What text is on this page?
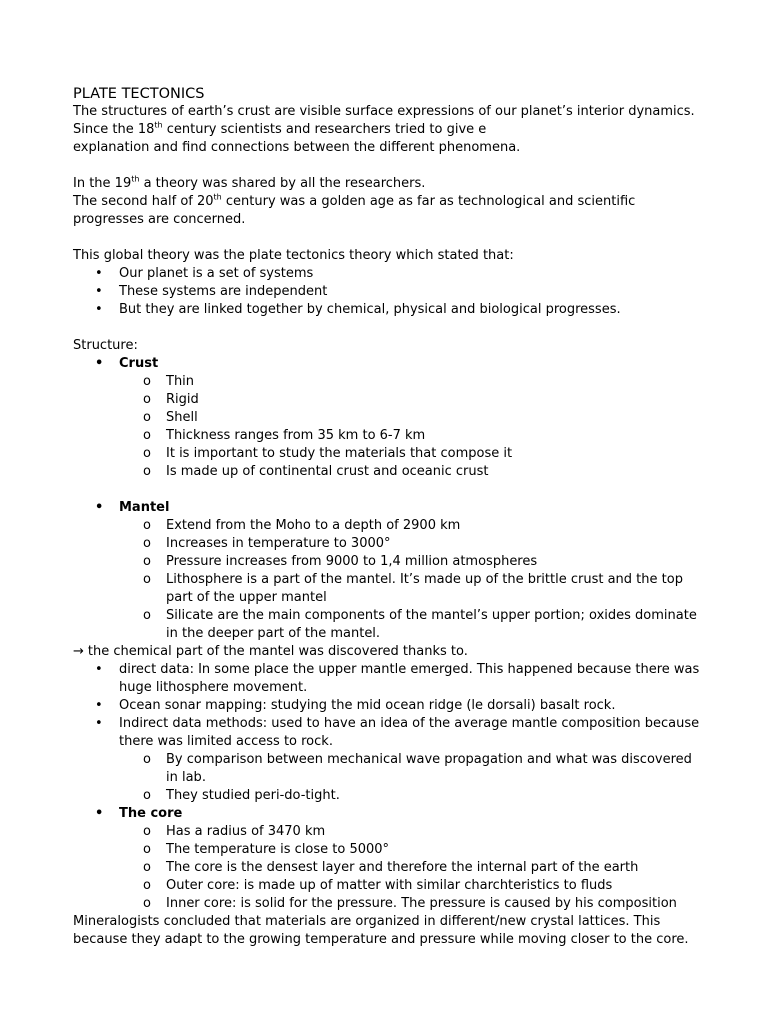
PLATE TECTONICS

The structures of earth’s crust are visible surface expressions of our planet’s interior dynamics.

Since the 18th century scientists and researchers tried to give e

explanation and find connections between the different phenomena.

In the 19th a theory was shared by all the researchers.

The second half of 20th century was a golden age as far as technological and scientific progresses are concerned.

This global theory was the plate tectonics theory which stated that:

• Our planet is a set of systems
• These systems are independent
• But they are linked together by chemical, physical and biological progresses.

Structure:

• Crust
o Thin
o Rigid
o Shell
o Thickness ranges from 35 km to 6-7 km
o It is important to study the materials that compose it
o Is made up of continental crust and oceanic crust
• Mantel
o Extend from the Moho to a depth of 2900 km
o Increases in temperature to 3000°
o Pressure increases from 9000 to 1,4 million atmospheres
o Lithosphere is a part of the mantel. It’s made up of the brittle crust and the top part of the upper mantel
o Silicate are the main components of the mantel’s upper portion; oxides dominate in the deeper part of the mantel.

→ the chemical part of the mantel was discovered thanks to.

• direct data: In some place the upper mantle emerged. This happened because there was huge lithosphere movement.
• Ocean sonar mapping: studying the mid ocean ridge (le dorsali) basalt rock.
• Indirect data methods: used to have an idea of the average mantle composition because there was limited access to rock.
o By comparison between mechanical wave propagation and what was discovered in lab.
o They studied peri-do-tight.
• The core
o Has a radius of 3470 km
o The temperature is close to 5000°
o The core is the densest layer and therefore the internal part of the earth
o Outer core: is made up of matter with similar charchteristics to fluds
o Inner core: is solid for the pressure. The pressure is caused by his composition

Mineralogists concluded that materials are organized in different/new crystal lattices. This because they adapt to the growing temperature and pressure while moving closer to the core.
